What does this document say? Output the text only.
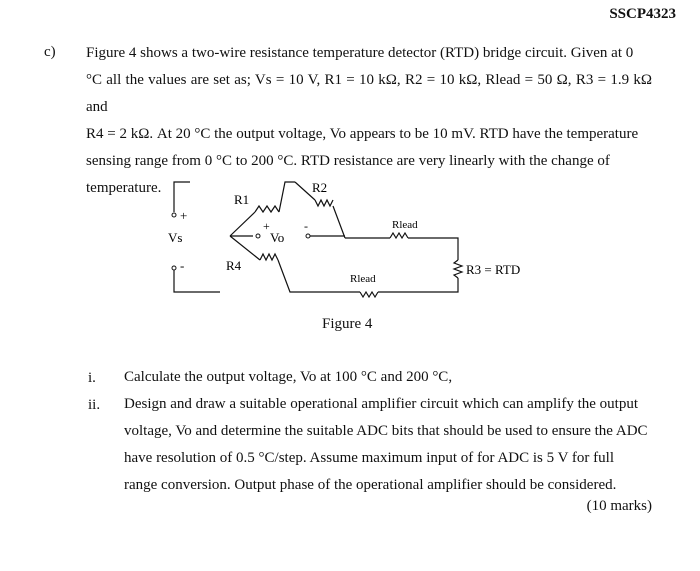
SSCP4323
c) Figure 4 shows a two-wire resistance temperature detector (RTD) bridge circuit. Given at 0
°C all the values are set as; Vs = 10 V, R1 = 10 kΩ, R2 = 10 kΩ, Rlead = 50 Ω, R3 = 1.9 kΩ and
R4 = 2 kΩ. At 20 °C the output voltage, Vo appears to be 10 mV. RTD have the temperature
sensing range from 0 °C to 200 °C. RTD resistance are very linearly with the change of
temperature.
+
Vs
-
R1
R2
R4
+
Vo
-	Rlead
Rlead
R3 = RTD
Figure 4
i. Calculate the output voltage, Vo at 100 °C and 200 °C,
ii. Design and draw a suitable operational amplifier circuit which can amplify the output
voltage, Vo and determine the suitable ADC bits that should be used to ensure the ADC
have resolution of 0.5 °C/step. Assume maximum input of for ADC is 5 V for full
range conversion. Output phase of the operational amplifier should be considered.
(10 marks)
